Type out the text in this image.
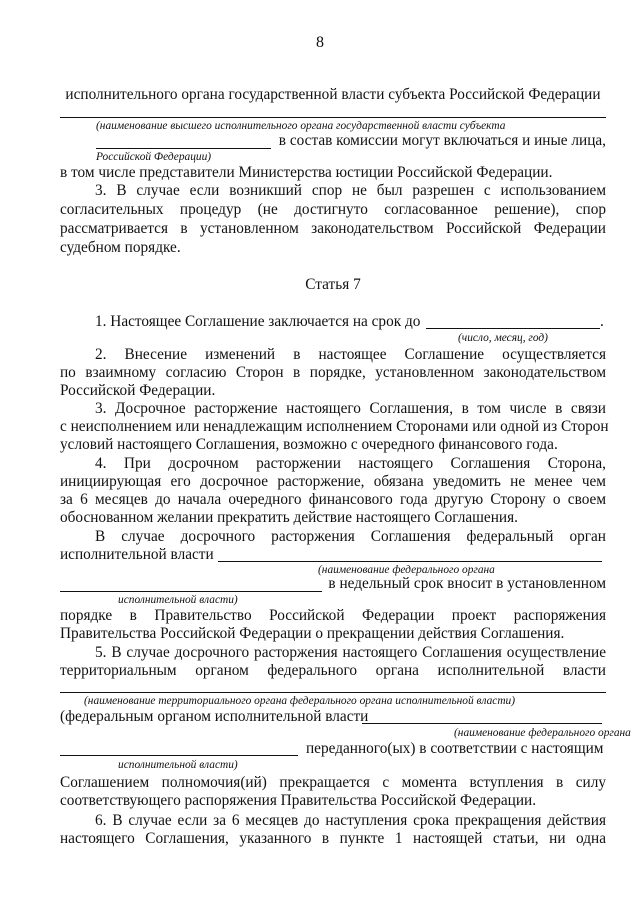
8
исполнительного органа государственной власти субъекта Российской Федерации
(наименование высшего исполнительного органа государственной власти субъекта
в состав комиссии могут включаться и иные лица,
Российской Федерации)
в том числе представители Министерства юстиции Российской Федерации.
3. В случае если возникший спор не был разрешен с использованием
согласительных процедур (не достигнуто согласованное решение), спор
рассматривается в установленном законодательством Российской Федерации
судебном порядке.
Статья 7
1. Настоящее Соглашение заключается на срок до	.
(число, месяц, год)
2. Внесение изменений в настоящее Соглашение осуществляется
по взаимному согласию Сторон в порядке, установленном законодательством
Российской Федерации.
3. Досрочное расторжение настоящего Соглашения, в том числе в связи
с неисполнением или ненадлежащим исполнением Сторонами или одной из Сторон
условий настоящего Соглашения, возможно с очередного финансового года.
4. При досрочном расторжении настоящего Соглашения Сторона,
инициирующая его досрочное расторжение, обязана уведомить не менее чем
за 6 месяцев до начала очередного финансового года другую Сторону о своем
обоснованном желании прекратить действие настоящего Соглашения.
В случае досрочного расторжения Соглашения федеральный орган
исполнительной власти
(наименование федерального органа
в недельный срок вносит в установленном
исполнительной власти)
порядке в Правительство Российской Федерации проект распоряжения
Правительства Российской Федерации о прекращении действия Соглашения.
5. В случае досрочного расторжения настоящего Соглашения осуществление
территориальным органом федерального органа исполнительной власти
(наименование территориального органа федерального органа исполнительной власти)
(федеральным органом исполнительной власти
(наименование федерального органа
переданного(ых) в соответствии с настоящим
исполнительной власти)
Соглашением полномочия(ий) прекращается с момента вступления в силу
соответствующего распоряжения Правительства Российской Федерации.
6. В случае если за 6 месяцев до наступления срока прекращения действия
настоящего Соглашения, указанного в пункте 1 настоящей статьи, ни одна
